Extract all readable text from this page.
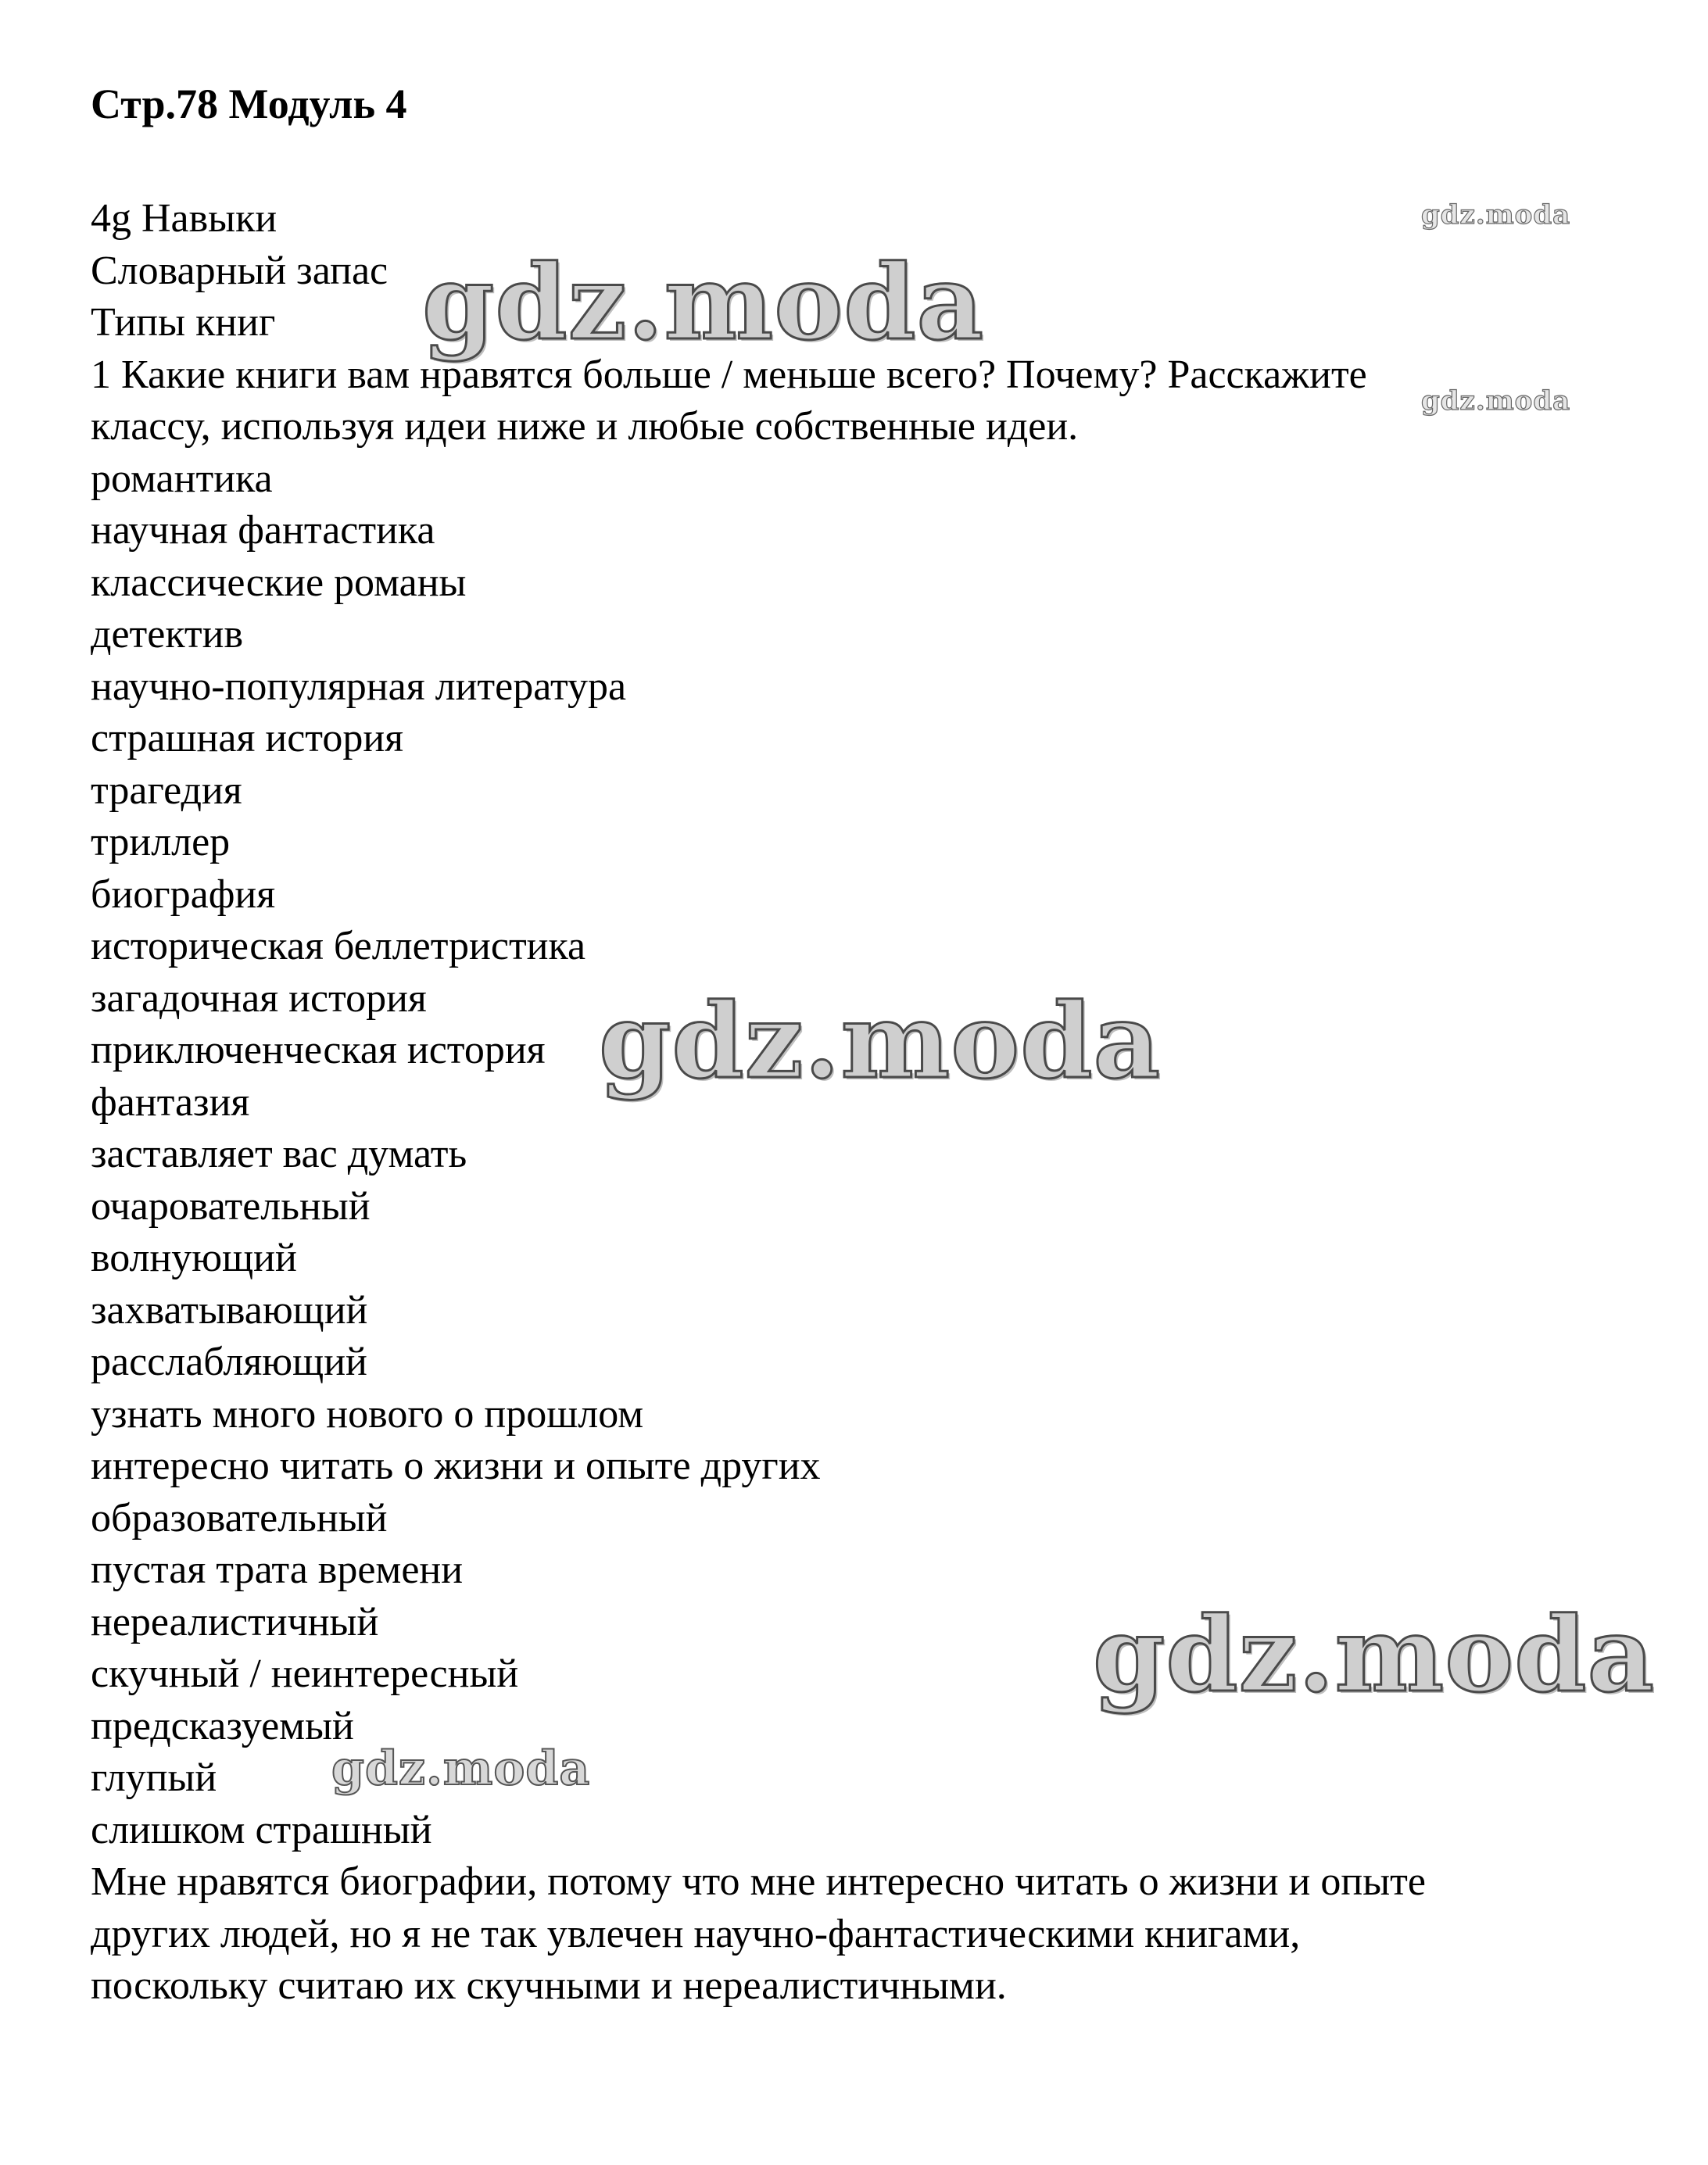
Стр.78 Модуль 4
4g Навыки
Словарный запас
Типы книг
1 Какие книги вам нравятся больше / меньше всего? Почему? Расскажите
классу, используя идеи ниже и любые собственные идеи.
романтика
научная фантастика
классические романы
детектив
научно-популярная литература
страшная история
трагедия
триллер
биография
историческая беллетристика
загадочная история
приключенческая история
фантазия
заставляет вас думать
очаровательный
волнующий
захватывающий
расслабляющий
узнать много нового о прошлом
интересно читать о жизни и опыте других
образовательный
пустая трата времени
нереалистичный
скучный / неинтересный
предсказуемый
глупый
слишком страшный
Мне нравятся биографии, потому что мне интересно читать о жизни и опыте
других людей, но я не так увлечен научно-фантастическими книгами,
поскольку считаю их скучными и нереалистичными.
gdz.moda
gdz.moda
gdz.moda
gdz.moda
gdz.moda
gdz.moda
